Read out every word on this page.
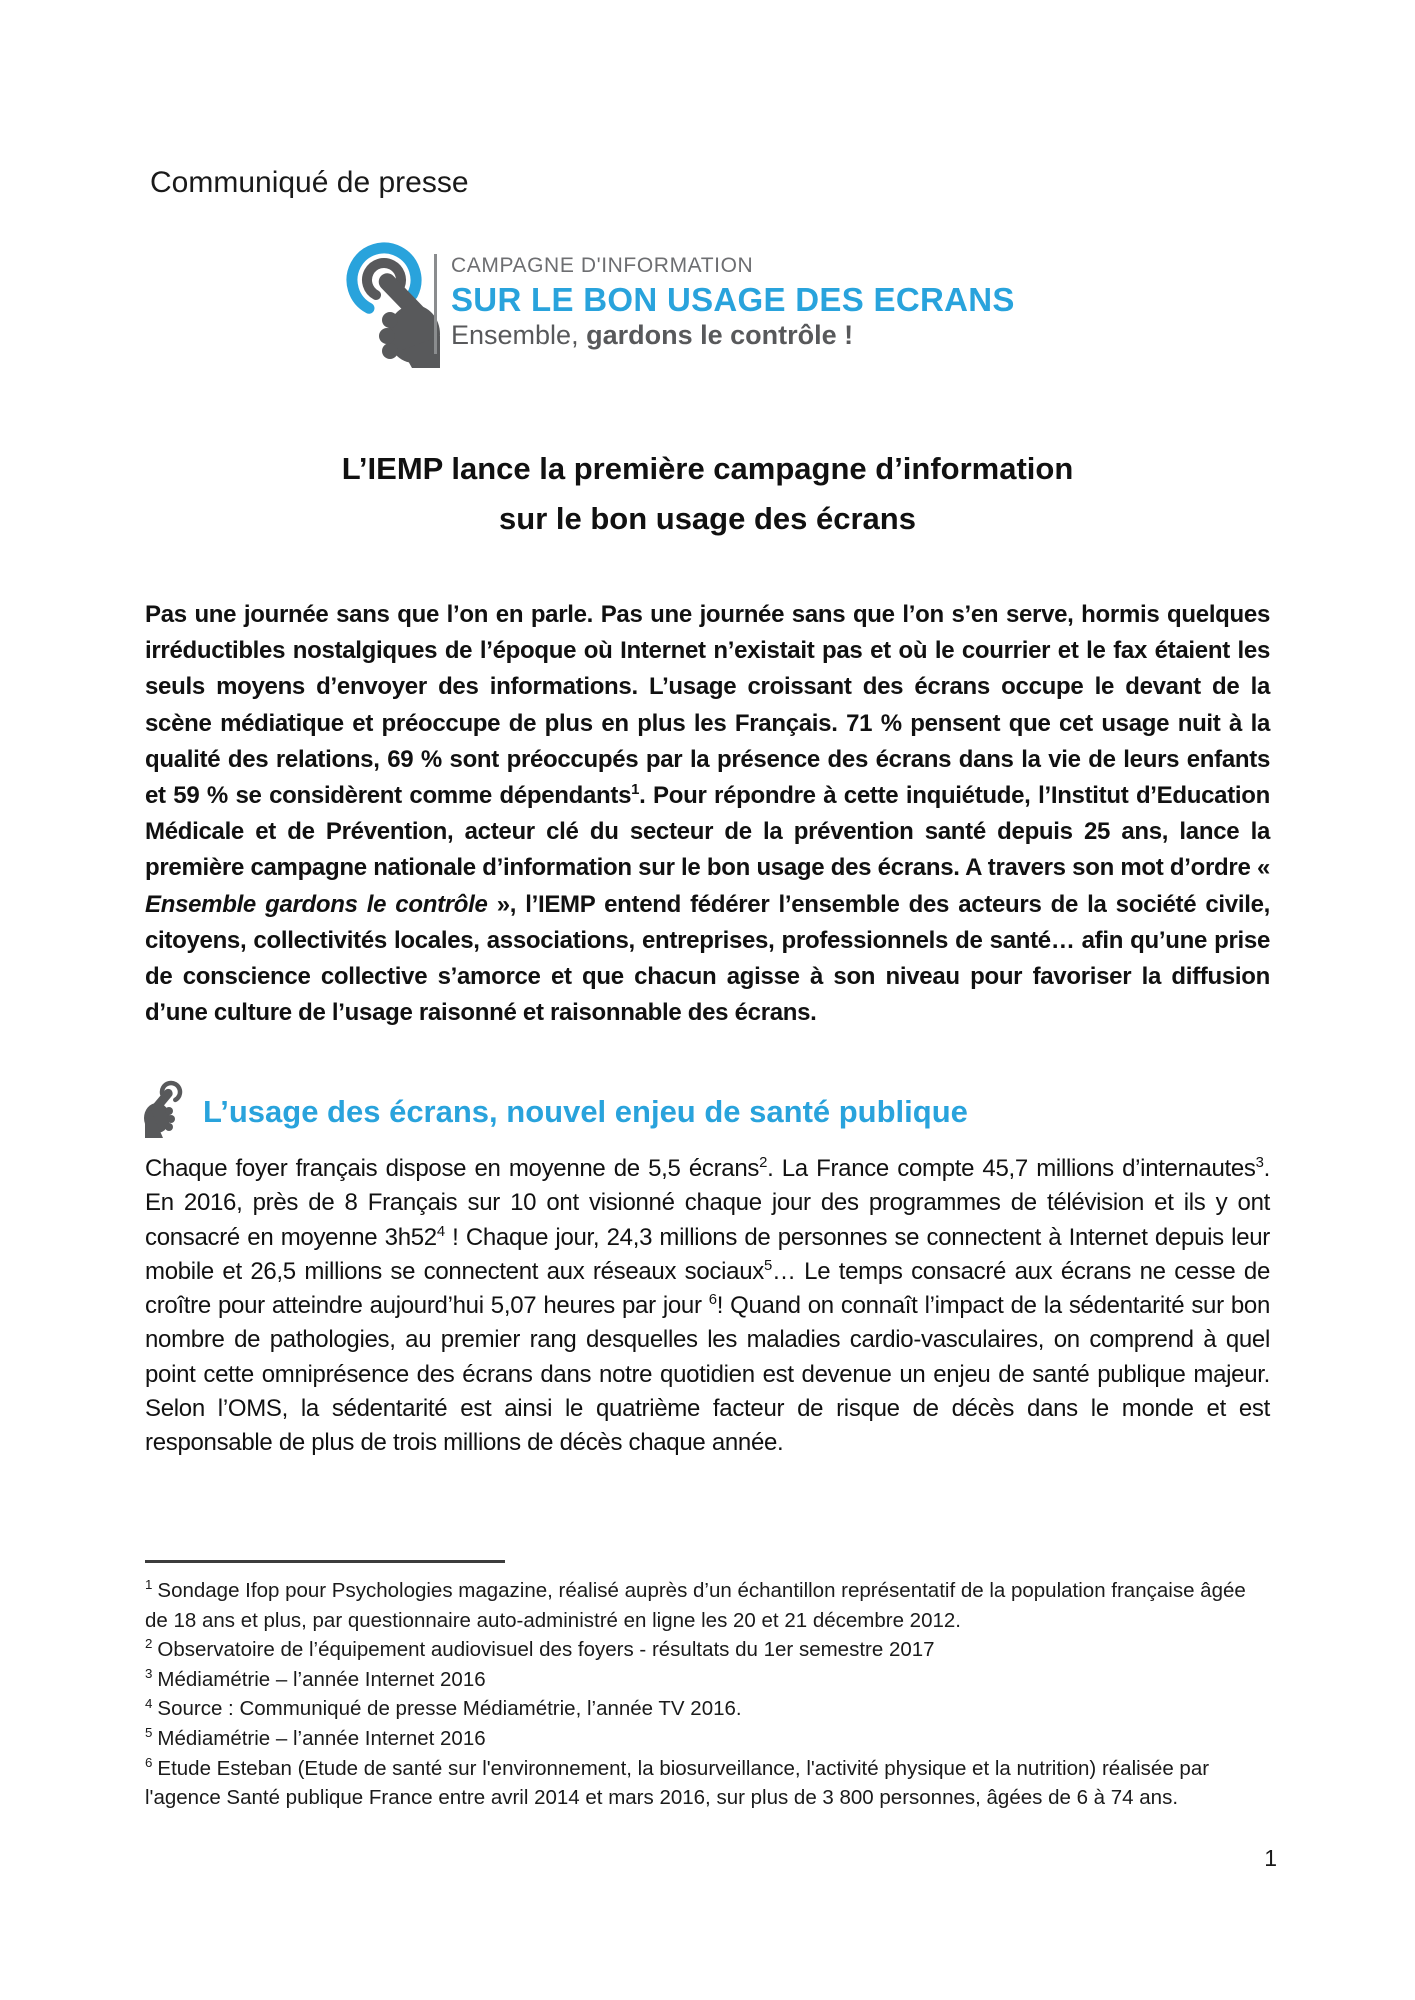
Communiqué de presse
CAMPAGNE D'INFORMATION
SUR LE BON USAGE DES ECRANS
Ensemble, gardons le contrôle !
L’IEMP lance la première campagne d’information
sur le bon usage des écrans
Pas une journée sans que l’on en parle. Pas une journée sans que l’on s’en serve, hormis quelques irréductibles nostalgiques de l’époque où Internet n’existait pas et où le courrier et le fax étaient les seuls moyens d’envoyer des informations. L’usage croissant des écrans occupe le devant de la scène médiatique et préoccupe de plus en plus les Français. 71 % pensent que cet usage nuit à la qualité des relations, 69 % sont préoccupés par la présence des écrans dans la vie de leurs enfants et 59 % se considèrent comme dépendants$^1$. Pour répondre à cette inquiétude, l’Institut d’Education Médicale et de Prévention, acteur clé du secteur de la prévention santé depuis 25 ans, lance la première campagne nationale d’information sur le bon usage des écrans. A travers son mot d’ordre « Ensemble gardons le contrôle », l’IEMP entend fédérer l’ensemble des acteurs de la société civile, citoyens, collectivités locales, associations, entreprises, professionnels de santé… afin qu’une prise de conscience collective s’amorce et que chacun agisse à son niveau pour favoriser la diffusion d’une culture de l’usage raisonné et raisonnable des écrans.
L’usage des écrans, nouvel enjeu de santé publique
Chaque foyer français dispose en moyenne de 5,5 écrans$^2$. La France compte 45,7 millions d’internautes$^3$. En 2016, près de 8 Français sur 10 ont visionné chaque jour des programmes de télévision et ils y ont consacré en moyenne 3h52$^4$ ! Chaque jour, 24,3 millions de personnes se connectent à Internet depuis leur mobile et 26,5 millions se connectent aux réseaux sociaux$^5$… Le temps consacré aux écrans ne cesse de croître pour atteindre aujourd’hui 5,07 heures par jour $^6$! Quand on connaît l’impact de la sédentarité sur bon nombre de pathologies, au premier rang desquelles les maladies cardio-vasculaires, on comprend à quel point cette omniprésence des écrans dans notre quotidien est devenue un enjeu de santé publique majeur. Selon l’OMS, la sédentarité est ainsi le quatrième facteur de risque de décès dans le monde et est responsable de plus de trois millions de décès chaque année.
$^1$ Sondage Ifop pour Psychologies magazine, réalisé auprès d’un échantillon représentatif de la population française âgée de 18 ans et plus, par questionnaire auto-administré en ligne les 20 et 21 décembre 2012.
$^2$ Observatoire de l’équipement audiovisuel des foyers - résultats du 1er semestre 2017
$^3$ Médiamétrie – l’année Internet 2016
$^4$ Source : Communiqué de presse Médiamétrie, l’année TV 2016.
$^5$ Médiamétrie – l’année Internet 2016
$^6$ Etude Esteban (Etude de santé sur l'environnement, la biosurveillance, l'activité physique et la nutrition) réalisée par l'agence Santé publique France entre avril 2014 et mars 2016, sur plus de 3 800 personnes, âgées de 6 à 74 ans.
1
